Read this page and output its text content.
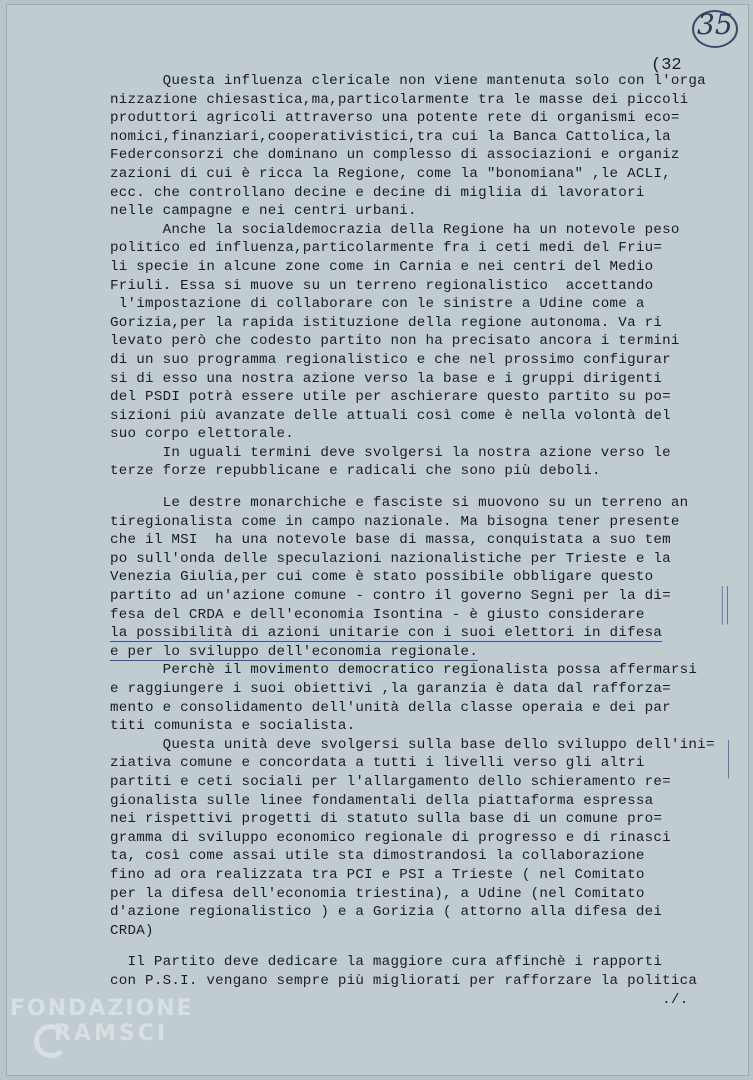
35
(32
Questa influenza clericale non viene mantenuta solo con l'orga
nizzazione chiesastica,ma,particolarmente tra le masse dei piccoli
produttori agricoli attraverso una potente rete di organismi eco=
nomici,finanziari,cooperativistici,tra cui la Banca Cattolica,la
Federconsorzi che dominano un complesso di associazioni e organiz
zazioni di cui è ricca la Regione, come la "bonomiana" ,le ACLI,
ecc. che controllano decine e decine di migliia di lavoratori
nelle campagne e nei centri urbani.
Anche la socialdemocrazia della Regione ha un notevole peso
politico ed influenza,particolarmente fra i ceti medi del Friu=
li specie in alcune zone come in Carnia e nei centri del Medio
Friuli. Essa si muove su un terreno regionalistico  accettando
l'impostazione di collaborare con le sinistre a Udine come a
Gorizia,per la rapida istituzione della regione autonoma. Va ri
levato però che codesto partito non ha precisato ancora i termini
di un suo programma regionalistico e che nel prossimo configurar
si di esso una nostra azione verso la base e i gruppi dirigenti
del PSDI potrà essere utile per aschierare questo partito su po=
sizioni più avanzate delle attuali così come è nella volontà del
suo corpo elettorale.
In uguali termini deve svolgersi la nostra azione verso le
terze forze repubblicane e radicali che sono più deboli.
Le destre monarchiche e fasciste si muovono su un terreno an
tiregionalista come in campo nazionale. Ma bisogna tener presente
che il MSI  ha una notevole base di massa, conquistata a suo tem
po sull'onda delle speculazioni nazionalistiche per Trieste e la
Venezia Giulia,per cui come è stato possibile obbligare questo
partito ad un'azione comune - contro il governo Segni per la di=
fesa del CRDA e dell'economia Isontina - è giusto considerare
la possibilità di azioni unitarie con i suoi elettori in difesa
e per lo sviluppo dell'economia regionale.
Perchè il movimento democratico regionalista possa affermarsi
e raggiungere i suoi obiettivi ,la garanzia è data dal rafforza=
mento e consolidamento dell'unità della classe operaia e dei par
titi comunista e socialista.
Questa unità deve svolgersi sulla base dello sviluppo dell'ini=
ziativa comune e concordata a tutti i livelli verso gli altri
partiti e ceti sociali per l'allargamento dello schieramento re=
gionalista sulle linee fondamentali della piattaforma espressa
nei rispettivi progetti di statuto sulla base di un comune pro=
gramma di sviluppo economico regionale di progresso e di rinasci
ta, così come assai utile sta dimostrandosi la collaborazione
fino ad ora realizzata tra PCI e PSI a Trieste ( nel Comitato
per la difesa dell'economia triestina), a Udine (nel Comitato
d'azione regionalistico ) e a Gorizia ( attorno alla difesa dei
CRDA)
Il Partito deve dedicare la maggiore cura affinchè i rapporti
con P.S.I. vengano sempre più migliorati per rafforzare la politica
./.
||
|
FONDAZIONE
RAMSCI
